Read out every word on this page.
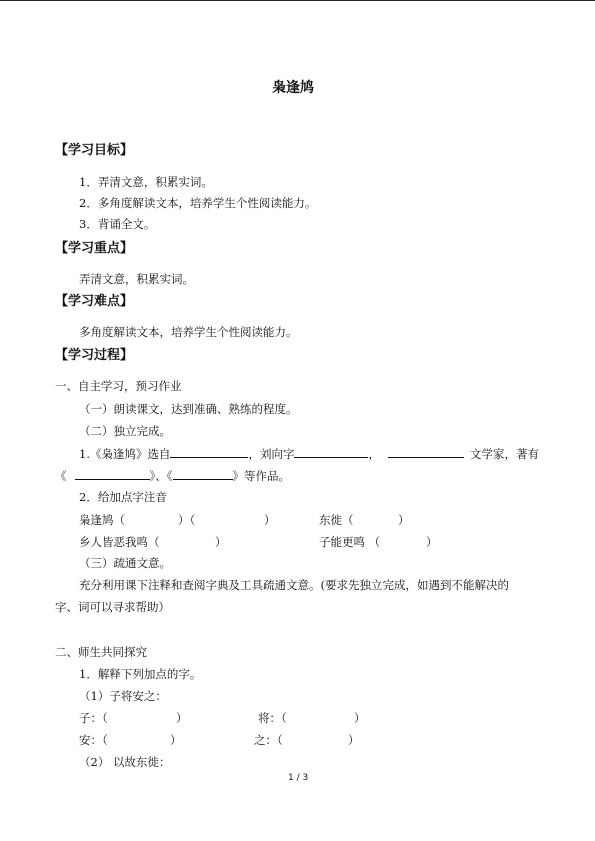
枭逢鸠
【学习目标】
1．弄清文意，积累实词。
2．多角度解读文本，培养学生个性阅读能力。
3．背诵全文。
【学习重点】
弄清文意，积累实词。
【学习难点】
多角度解读文本，培养学生个性阅读能力。
【学习过程】
一、自主学习，预习作业
（一）朗读课文，达到准确、熟练的程度。
（二）独立完成。
1.《枭逢鸠》选自	，刘向字	，	文学家，著有
《	》、《	》等作品。
2．给加点字注音
枭逢鸠（	）（	）	东徙（	）
乡人皆恶我鸣（	）	子能更鸣 （	）
（三）疏通文意。
充分利用课下注释和查阅字典及工具疏通文意。(要求先独立完成，如遇到不能解决的
字、词可以寻求帮助）
二、师生共同探究
1．解释下列加点的字。
（1）子将安之：
子：（	）	将：（	）
安：（	）	之：（	）
（2） 以故东徙：
1 / 3
